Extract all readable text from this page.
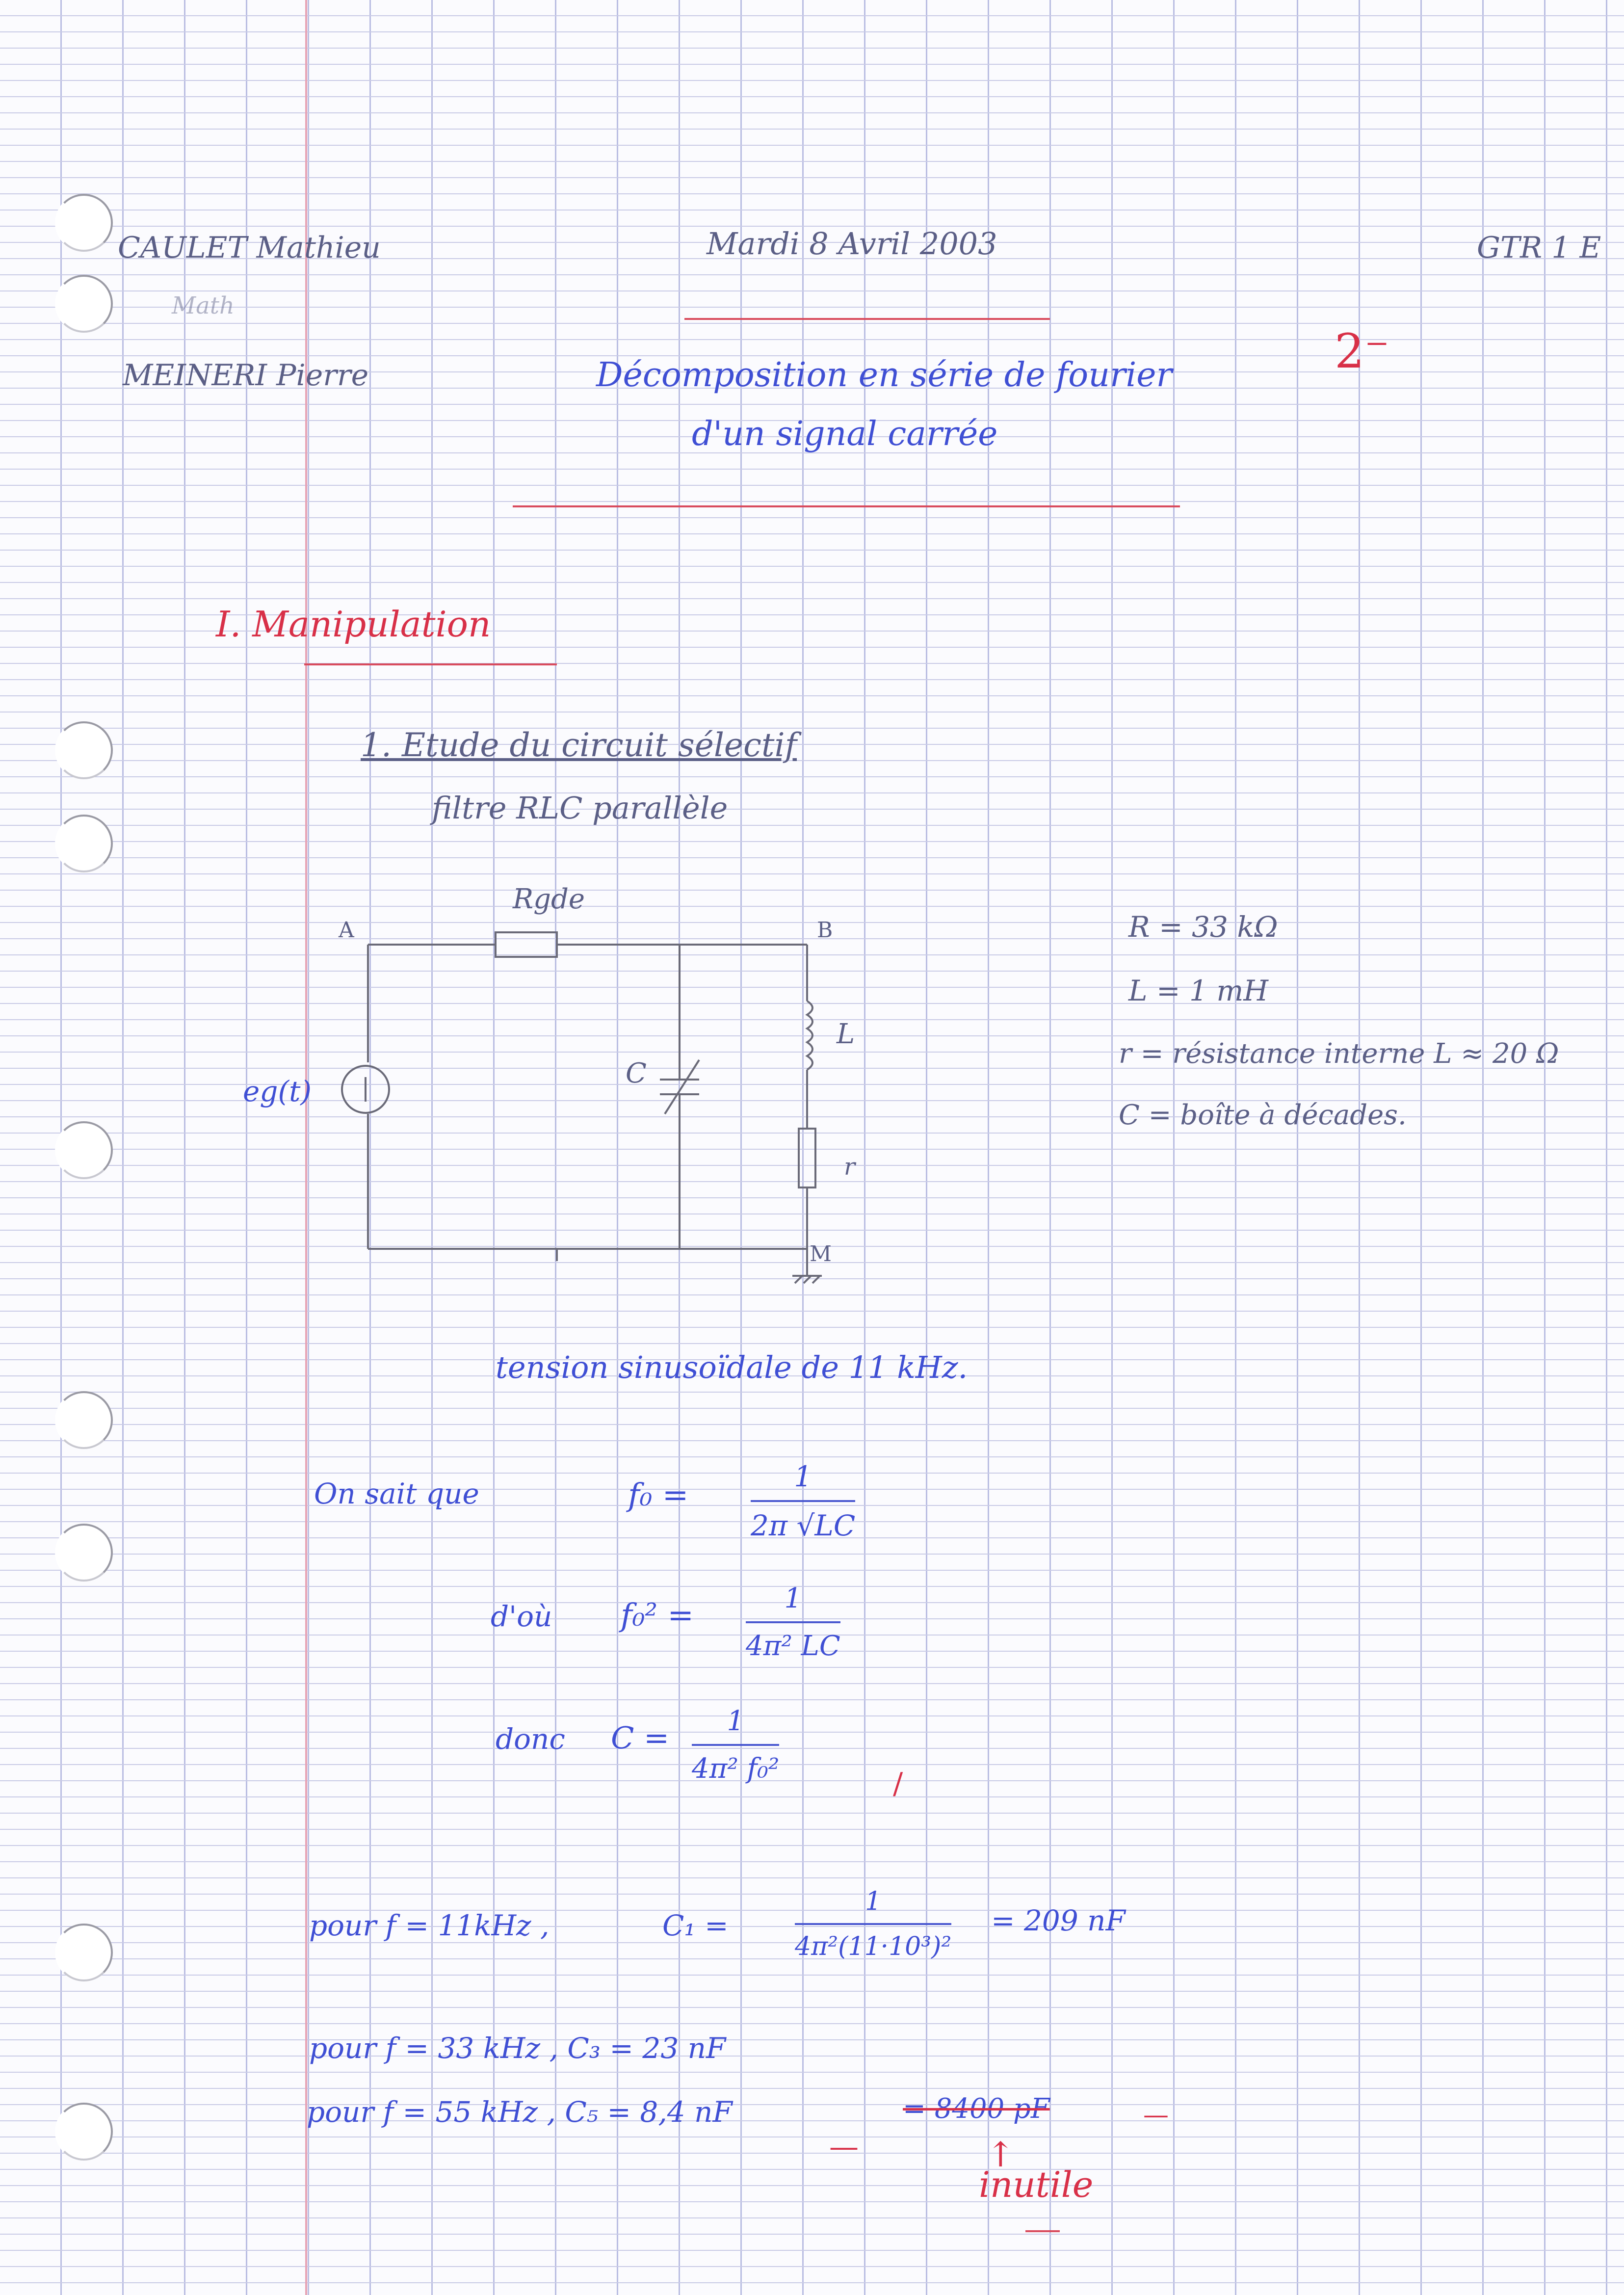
CAULET Mathieu
Math
MEINERI Pierre
Mardi 8 Avril 2003	GTR 1 E
Décomposition en série de fourier
d'un signal carrée
2⁻
I. Manipulation
1. Etude du circuit sélectif
filtre RLC parallèle
A	B
M
Rgde
C
L
r
eg(t)
R = 33 kΩ
L = 1 mH
r = résistance interne L ≈ 20 Ω
C = boîte à décades.
tension sinusoïdale de 11 kHz.
On sait que	f₀ =
1
2π √LC
d'où f₀² =	1
4π² LC
donc C = 1
4π² f₀²	/
pour f = 11kHz ,	C₁ =
1
4π²(11·10³)²
= 209 nF
pour f = 33 kHz , C₃ = 23 nF
pour f = 55 kHz , C₅ = 8,4 nF	= 8400 pF
—
—
↑
inutile
